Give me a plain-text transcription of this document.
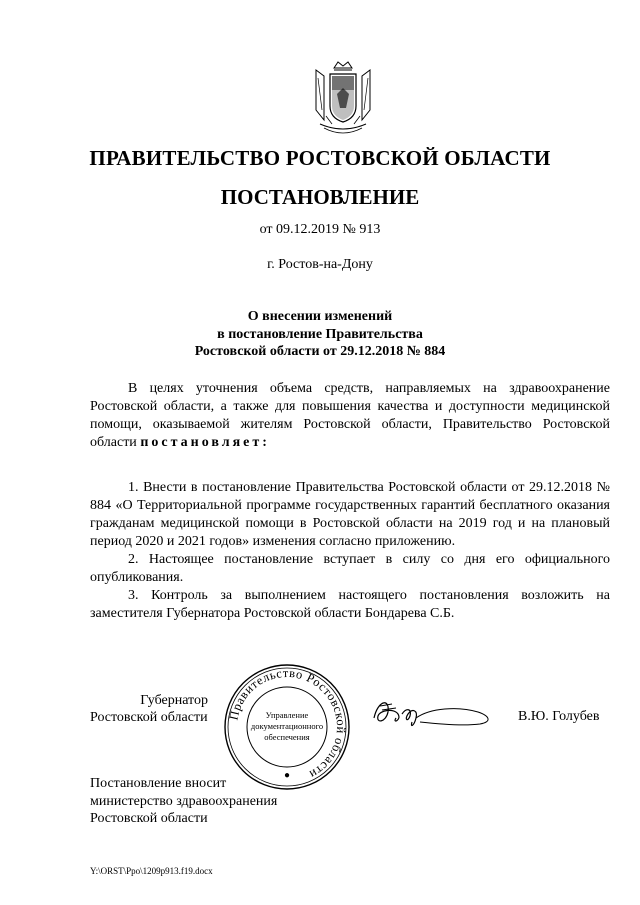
ПРАВИТЕЛЬСТВО РОСТОВСКОЙ ОБЛАСТИ
ПОСТАНОВЛЕНИЕ
от 09.12.2019 № 913
г. Ростов-на-Дону
О внесении изменений
в постановление Правительства
Ростовской области от 29.12.2018 № 884

В целях уточнения объема средств, направляемых на здравоохранение Ростовской области, а также для повышения качества и доступности медицинской помощи, оказываемой жителям Ростовской области, Правительство Ростовской области постановляет:

1. Внести в постановление Правительства Ростовской области от 29.12.2018 № 884 «О Территориальной программе государственных гарантий бесплатного оказания гражданам медицинской помощи в Ростовской области на 2019 год и на плановый период 2020 и 2021 годов» изменения согласно приложению.

2. Настоящее постановление вступает в силу со дня его официального опубликования.

3. Контроль за выполнением настоящего постановления возложить на заместителя Губернатора Ростовской области Бондарева С.Б.

Губернатор
Ростовской области	Правительство Ростовской области
Управление
документационного
обеспечения
●
В.Ю. Голубев
Постановление вносит
министерство здравоохранения
Ростовской области
Y:\ORST\Ppo\1209p913.f19.docx
